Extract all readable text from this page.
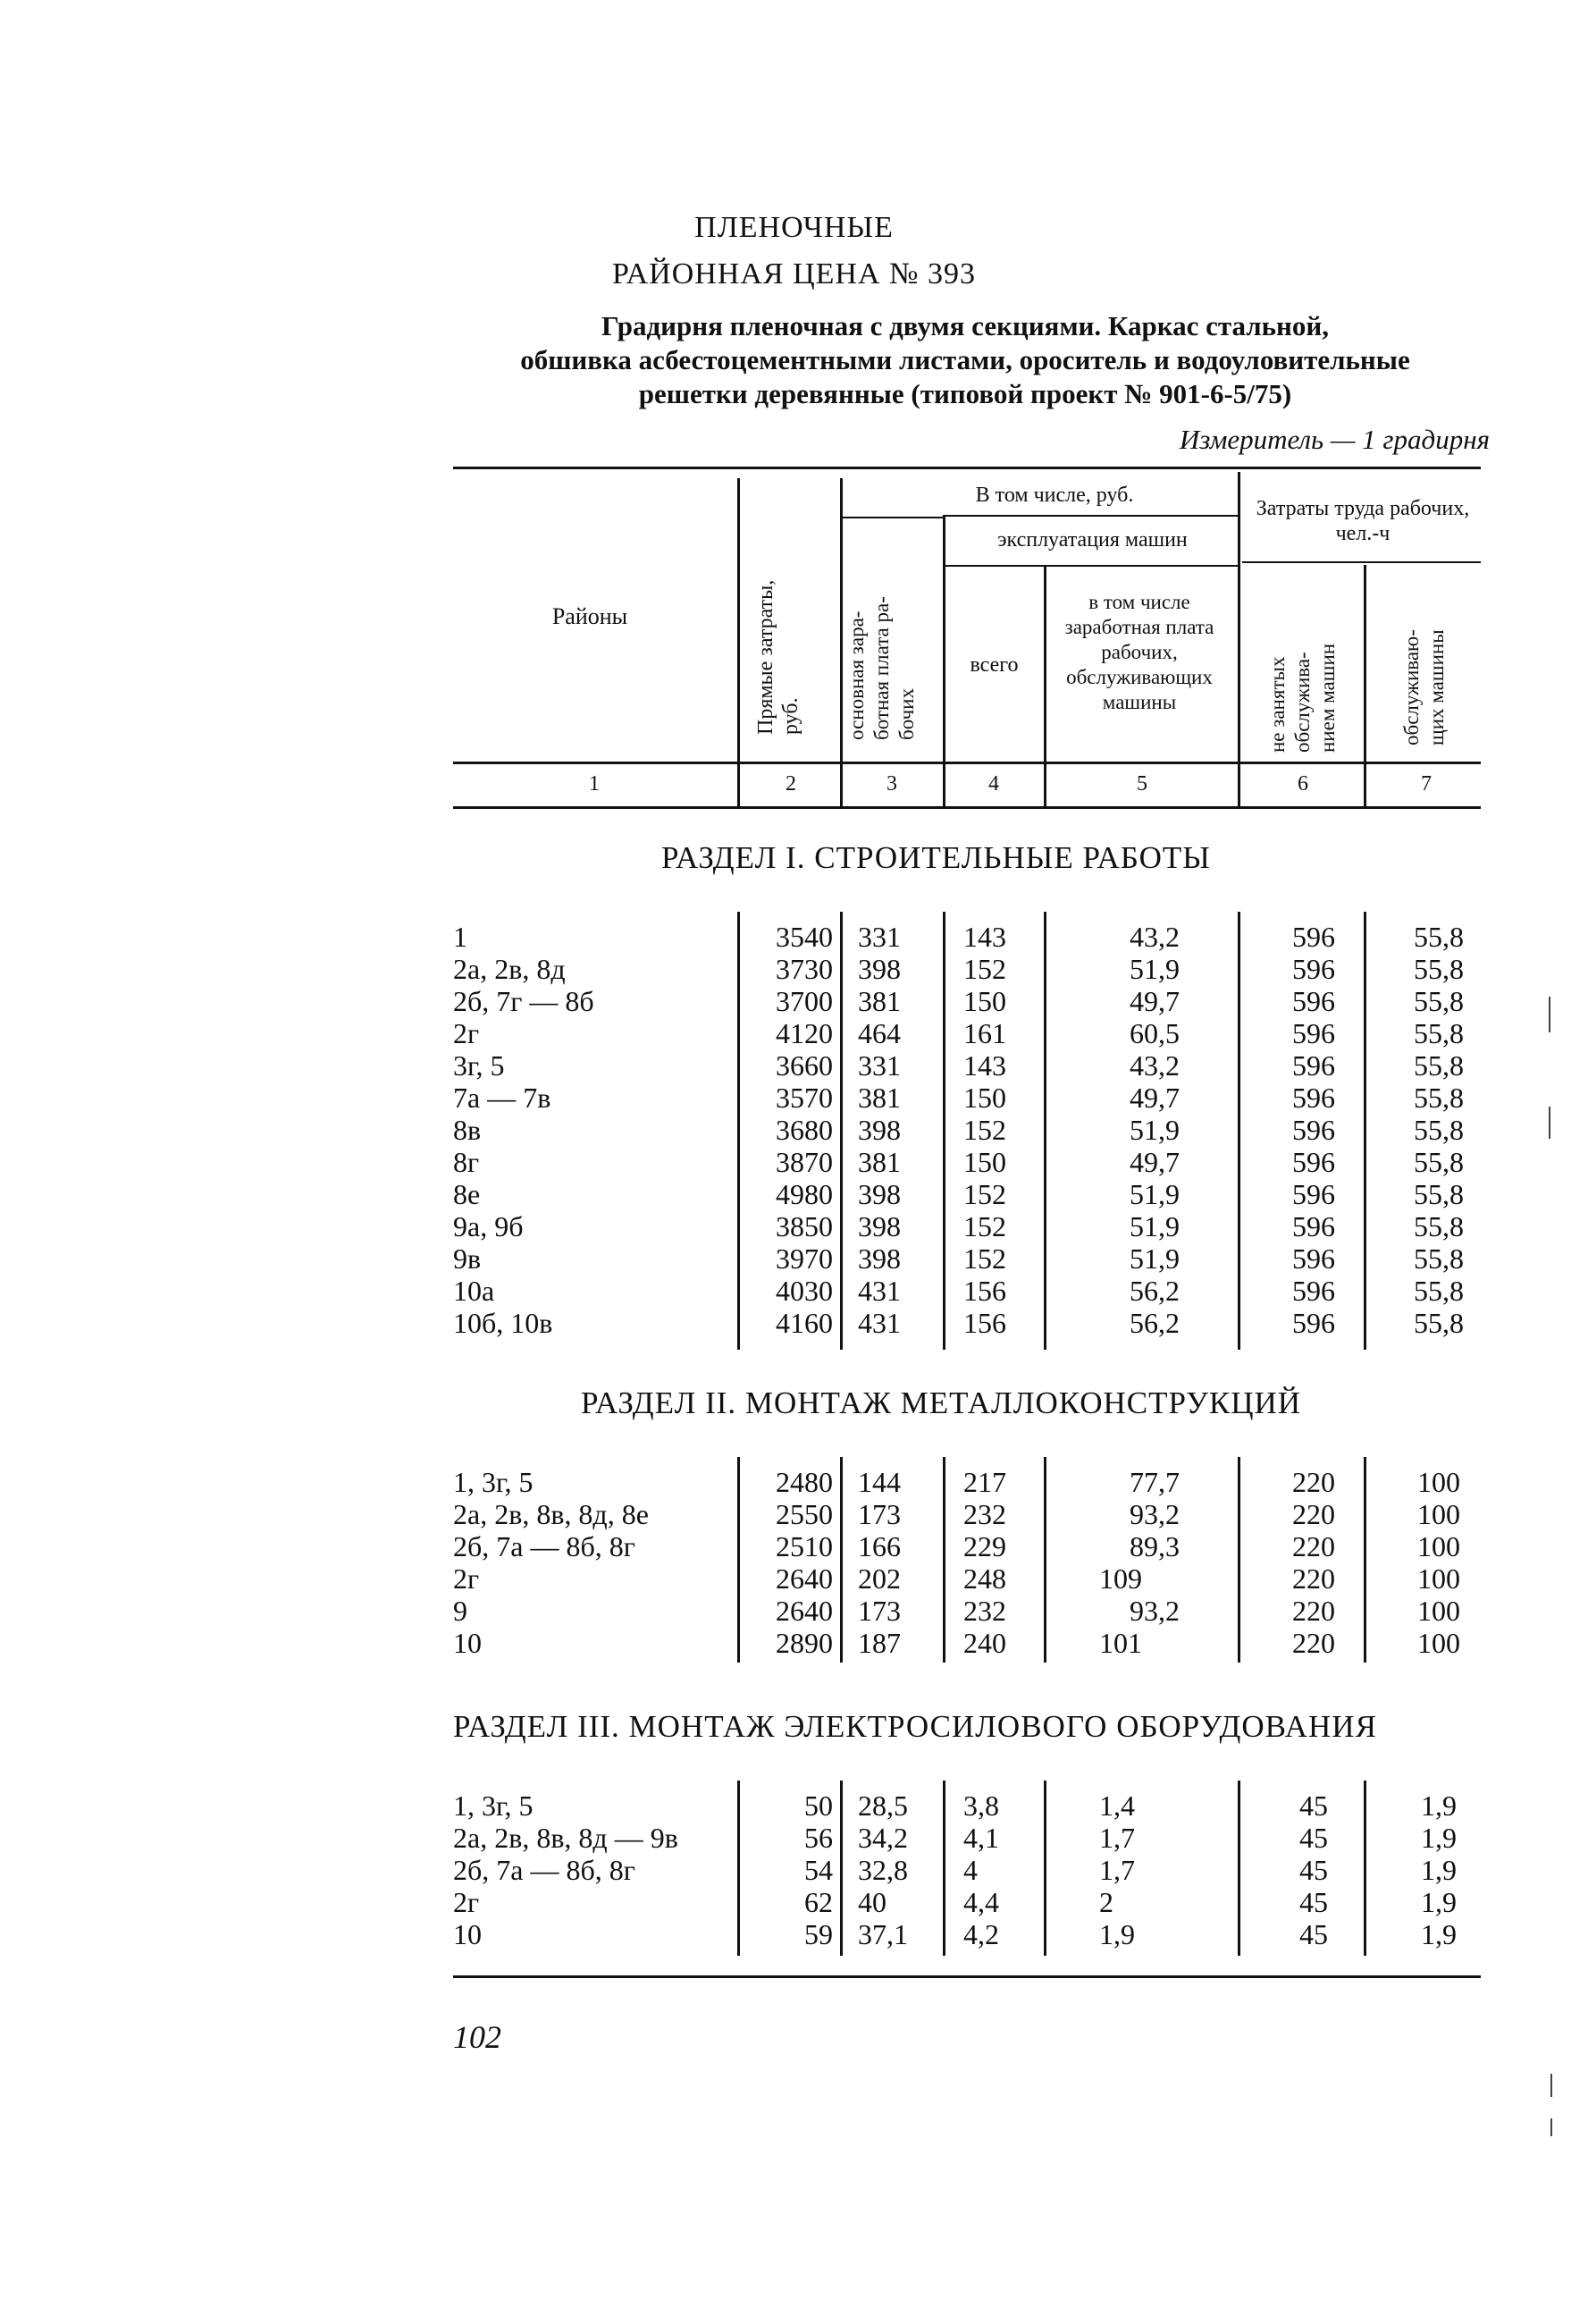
ПЛЕНОЧНЫЕ
РАЙОННАЯ ЦЕНА № 393
Градирня пленочная с двумя секциями. Каркас стальной,
обшивка асбестоцементными листами, ороситель и водоуловительные
решетки деревянные (типовой проект № 901-6-5/75)
Измеритель — 1 градирня
Районы
Прямые затраты,
руб.
В том числе, руб.
основная зара-
ботная плата ра-
бочих
эксплуатация машин
всего
в том числе заработная плата рабочих, обслуживающих машины
Затраты труда рабочих, чел.-ч
не занятых
обслужива-
нием машин	обслуживаю-
щих машины
1	2	3	4	5	6	7
РАЗДЕЛ I. СТРОИТЕЛЬНЫЕ РАБОТЫ
1	3540 331	143	43,2	596	55,8
2а, 2в, 8д	3730 398	152	51,9	596	55,8
2б, 7г — 8б	3700 381	150	49,7	596	55,8
2г	4120 464	161	60,5	596	55,8
3г, 5	3660 331	143	43,2	596	55,8
7а — 7в	3570 381	150	49,7	596	55,8
8в	3680 398	152	51,9	596	55,8
8г	3870 381	150	49,7	596	55,8
8е	4980 398	152	51,9	596	55,8
9а, 9б	3850 398	152	51,9	596	55,8
9в	3970 398	152	51,9	596	55,8
10а	4030 431	156	56,2	596	55,8
10б, 10в	4160 431	156	56,2	596	55,8
РАЗДЕЛ II. МОНТАЖ МЕТАЛЛОКОНСТРУКЦИЙ
1, 3г, 5	2480 144	217	77,7	220	100
2а, 2в, 8в, 8д, 8е	2550 173	232	93,2	220	100
2б, 7а — 8б, 8г	2510 166	229	89,3	220	100
2г	2640 202	248	109	220	100
9	2640 173	232	93,2	220	100
10	2890 187	240	101	220	100
РАЗДЕЛ III. МОНТАЖ ЭЛЕКТРОСИЛОВОГО ОБОРУДОВАНИЯ
1, 3г, 5	50 28,5	3,8	1,4	45	1,9
2а, 2в, 8в, 8д — 9в	56 34,2	4,1	1,7	45	1,9
2б, 7а — 8б, 8г	54 32,8	4	1,7	45	1,9
2г	62 40	4,4	2	45	1,9
10	59 37,1	4,2	1,9	45	1,9
102
